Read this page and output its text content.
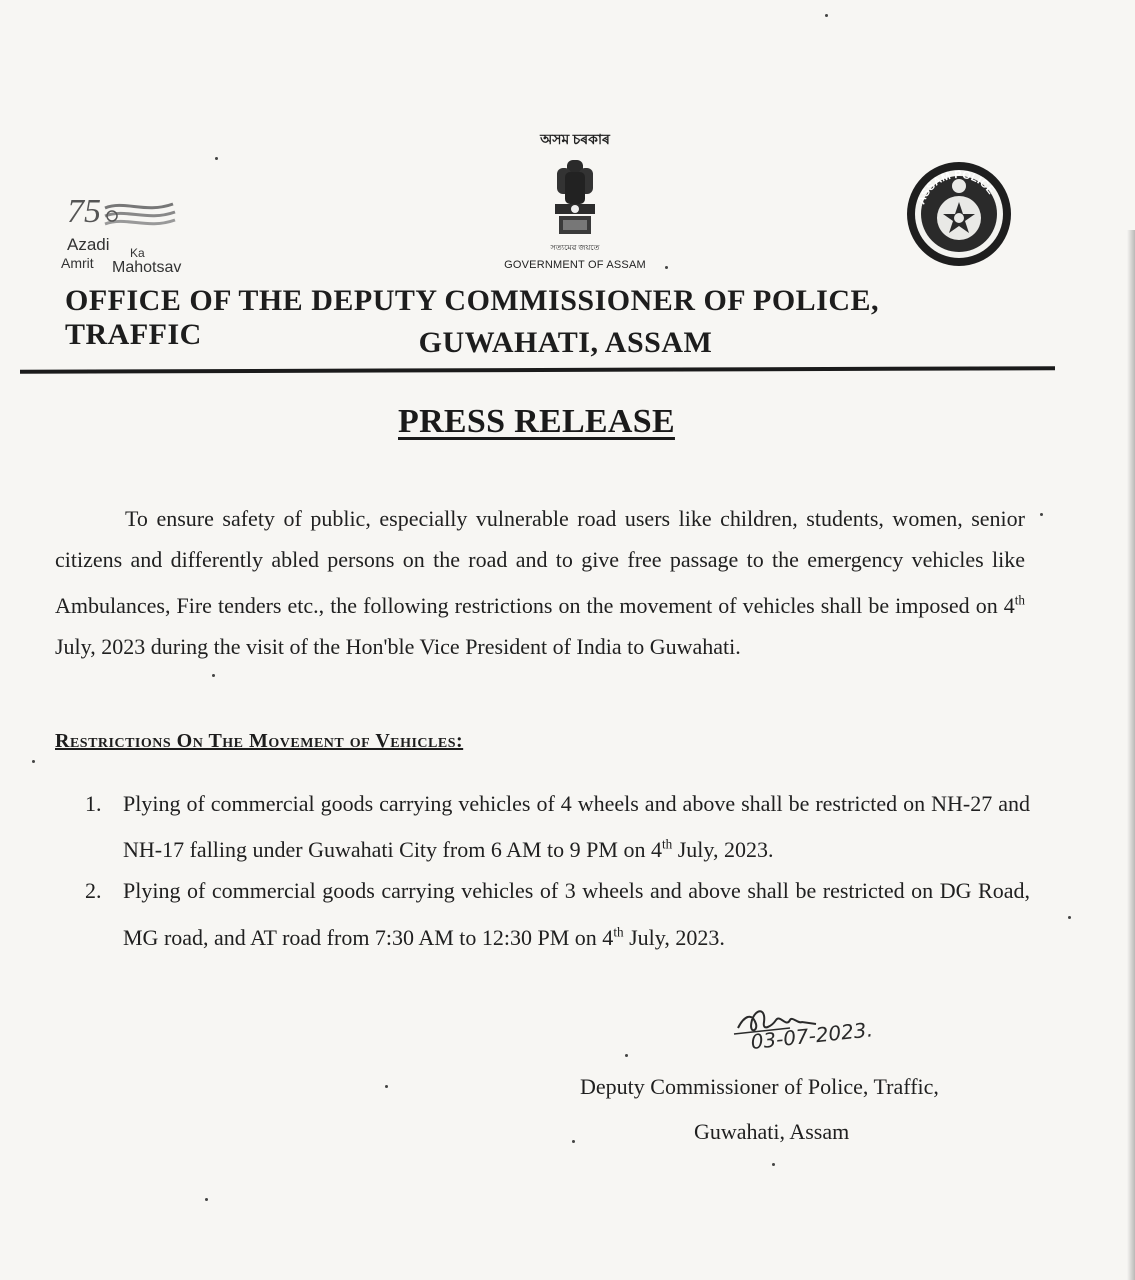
75
Azadi Ka
Amrit Mahotsav
অসম চৰকাৰ
সত্যমেৱ জয়তে
GOVERNMENT OF ASSAM
ASSAM POLICE
OFFICE OF THE DEPUTY COMMISSIONER OF POLICE, TRAFFIC	GUWAHATI, ASSAM
PRESS RELEASE
To ensure safety of public, especially vulnerable road users like children, students, women, senior citizens and differently abled persons on the road and to give free passage to the emergency vehicles like Ambulances, Fire tenders etc., the following restrictions on the movement of vehicles shall be imposed on 4th July, 2023 during the visit of the Hon'ble Vice President of India to Guwahati.
Restrictions On The Movement of Vehicles:
1. Plying of commercial goods carrying vehicles of 4 wheels and above shall be restricted on NH-27 and NH-17 falling under Guwahati City from 6 AM to 9 PM on 4th July, 2023.
2. Plying of commercial goods carrying vehicles of 3 wheels and above shall be restricted on DG Road, MG road, and AT road from 7:30 AM to 12:30 PM on 4th July, 2023.
03-07-2023.
Deputy Commissioner of Police, Traffic,
Guwahati, Assam
